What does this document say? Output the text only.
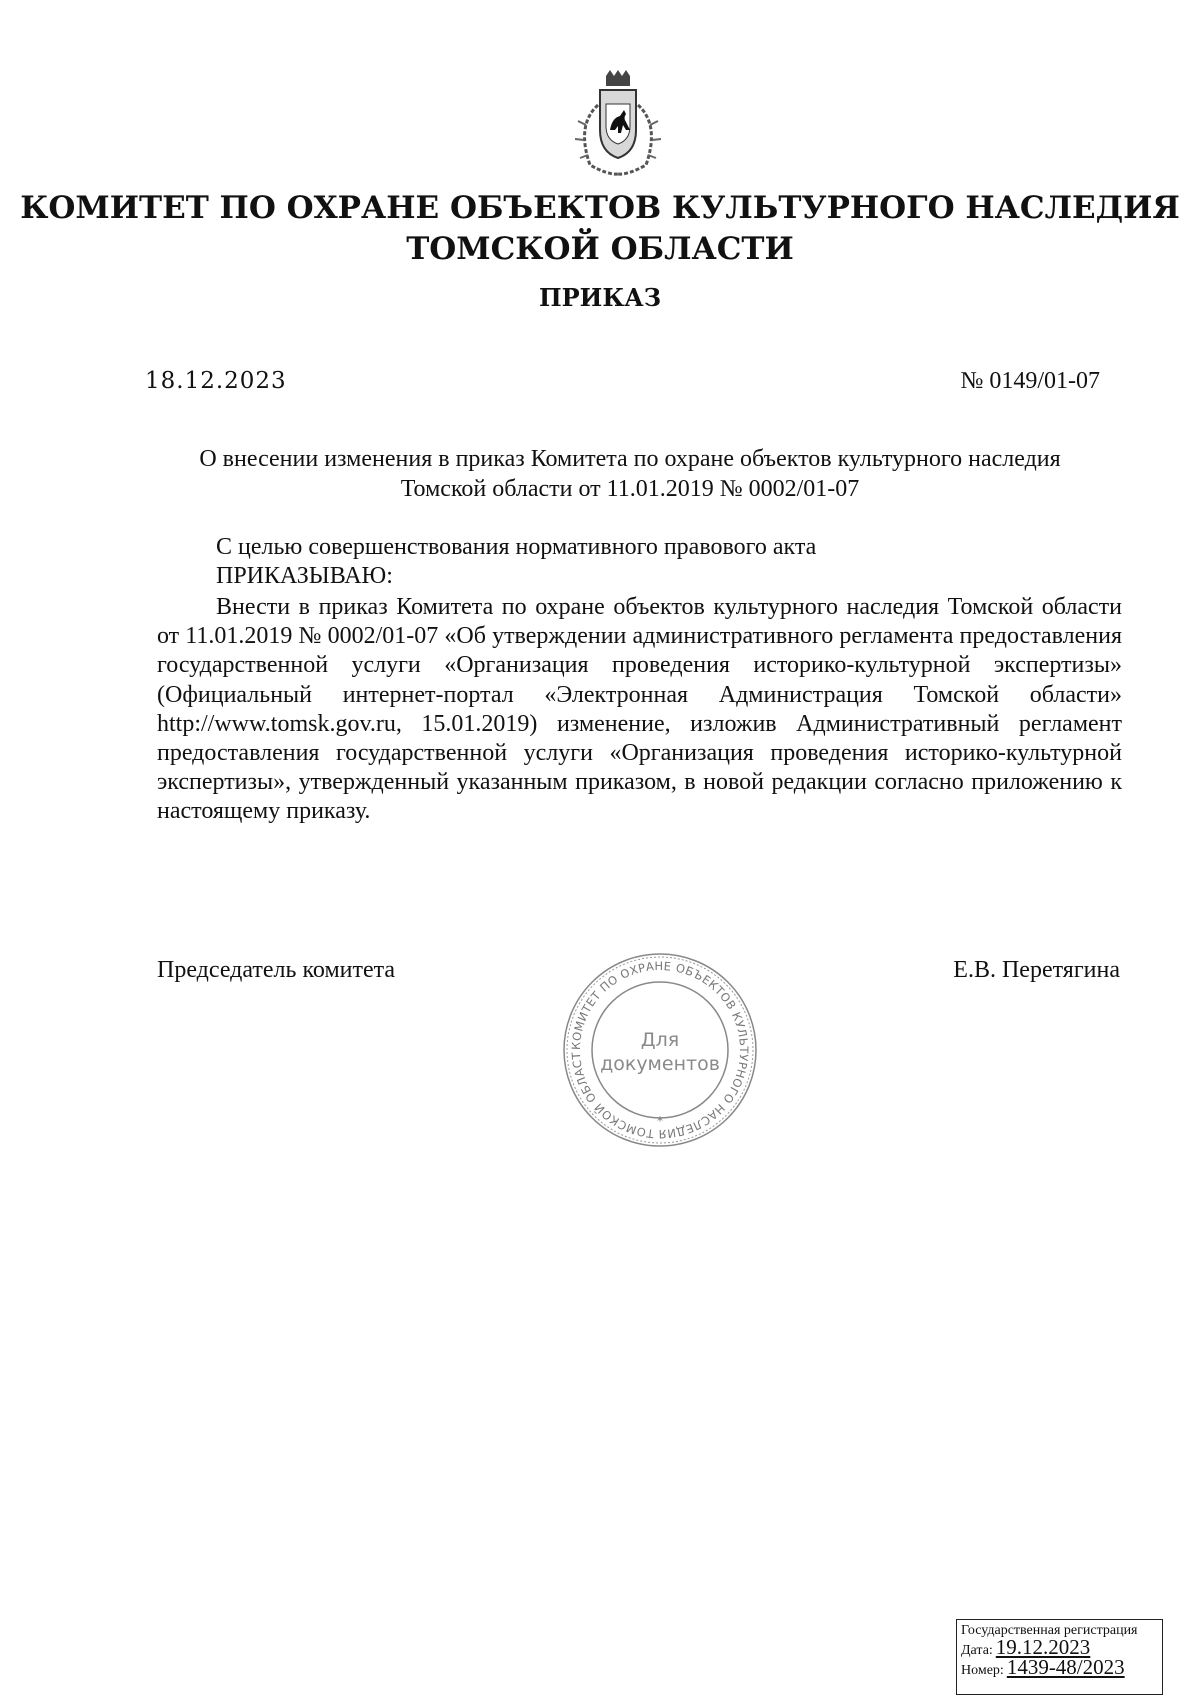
КОМИТЕТ ПО ОХРАНЕ ОБЪЕКТОВ КУЛЬТУРНОГО НАСЛЕДИЯ
ТОМСКОЙ ОБЛАСТИ
ПРИКАЗ
18.12.2023	№ 0149/01-07
О внесении изменения в приказ Комитета по охране объектов культурного наследия
Томской области от 11.01.2019 № 0002/01-07
С целью совершенствования нормативного правового акта
ПРИКАЗЫВАЮ:
Внести в приказ Комитета по охране объектов культурного наследия Томской области от 11.01.2019 № 0002/01-07 «Об утверждении административного регламента предоставления государственной услуги «Организация проведения историко-культурной экспертизы» (Официальный интернет-портал «Электронная Администрация Томской области» http://www.tomsk.gov.ru, 15.01.2019) изменение, изложив Административный регламент предоставления государственной услуги «Организация проведения историко-культурной экспертизы», утвержденный указанным приказом, в новой редакции согласно приложению к настоящему приказу.
Председатель комитета	Е.В. Перетягина
КОМИТЕТ ПО ОХРАНЕ ОБЪЕКТОВ КУЛЬТУРНОГО НАСЛЕДИЯ ТОМСКОЙ ОБЛАСТ
*
Для
документов
Государственная регистрация
Дата: 19.12.2023
Номер: 1439-48/2023
